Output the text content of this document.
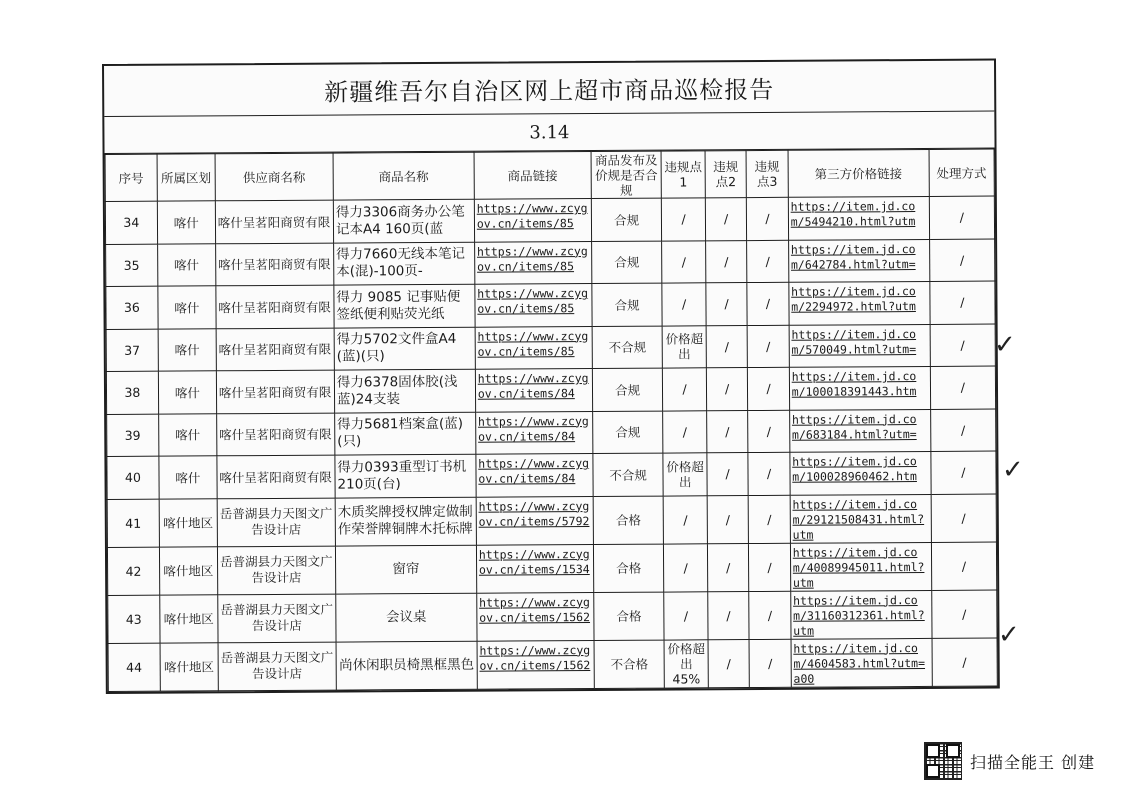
新疆维吾尔自治区网上超市商品巡检报告
3.14
序号	所属区划	供应商名称	商品名称	商品链接	商品发布及价规是否合规	违规点1	违规点2	违规点3	第三方价格链接	处理方式
34	喀什	喀什呈茗阳商贸有限	得力3306商务办公笔记本A4 160页(蓝	https://www.zcygov.cn/items/85	合规	/	/	/	https://item.jd.com/5494210.html?utm	/
35	喀什	喀什呈茗阳商贸有限	得力7660无线本笔记本(混)-100页-	https://www.zcygov.cn/items/85	合规	/	/	/	https://item.jd.com/642784.html?utm=	/
36	喀什	喀什呈茗阳商贸有限	得力 9085 记事贴便签纸便利贴荧光纸	https://www.zcygov.cn/items/85	合规	/	/	/	https://item.jd.com/2294972.html?utm	/
37	喀什	喀什呈茗阳商贸有限	得力5702文件盒A4(蓝)(只)	https://www.zcygov.cn/items/85	不合规	价格超出	/	/	https://item.jd.com/570049.html?utm=	/
38	喀什	喀什呈茗阳商贸有限	得力6378固体胶(浅蓝)24支装	https://www.zcygov.cn/items/84	合规	/	/	/	https://item.jd.com/100018391443.htm	/
39	喀什	喀什呈茗阳商贸有限	得力5681档案盒(蓝)(只)	https://www.zcygov.cn/items/84	合规	/	/	/	https://item.jd.com/683184.html?utm=	/
40	喀什	喀什呈茗阳商贸有限	得力0393重型订书机210页(台)	https://www.zcygov.cn/items/84	不合规	价格超出	/	/	https://item.jd.com/100028960462.htm	/
41	喀什地区	岳普湖县力天图文广告设计店	木质奖牌授权牌定做制作荣誉牌铜牌木托标牌	https://www.zcygov.cn/items/5792	合格	/	/	/	https://item.jd.com/29121508431.html?utm	/
42	喀什地区	岳普湖县力天图文广告设计店	窗帘	https://www.zcygov.cn/items/1534	合格	/	/	/	https://item.jd.com/40089945011.html?utm	/
43	喀什地区	岳普湖县力天图文广告设计店	会议桌	https://www.zcygov.cn/items/1562	合格	/	/	/	https://item.jd.com/31160312361.html?utm	/
44	喀什地区	岳普湖县力天图文广告设计店	尚休闲职员椅黑框黑色	https://www.zcygov.cn/items/1562	不合格	价格超出45%	/	/	https://item.jd.com/4604583.html?utm=a00	/
✓
✓
✓
扫描全能王 创建
